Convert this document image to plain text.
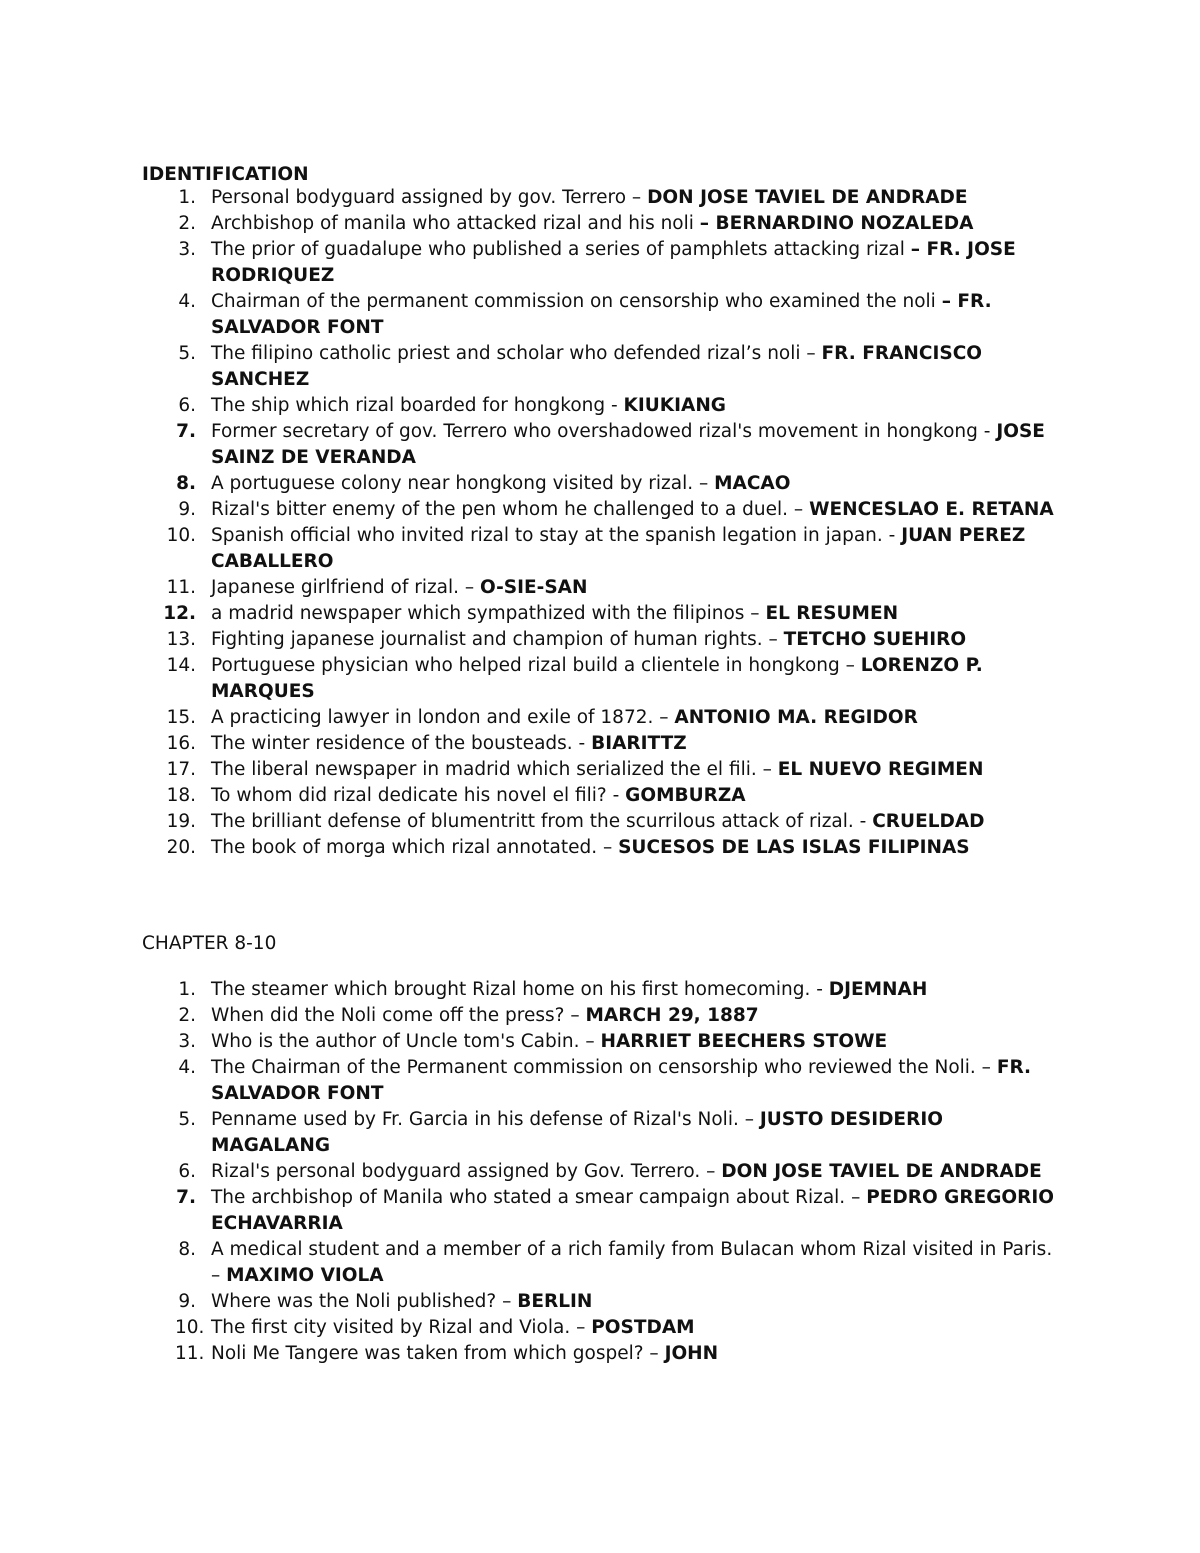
IDENTIFICATION
1. Personal bodyguard assigned by gov. Terrero – DON JOSE TAVIEL DE ANDRADE
2. Archbishop of manila who attacked rizal and his noli – BERNARDINO NOZALEDA
3. The prior of guadalupe who published a series of pamphlets attacking rizal – FR. JOSE RODRIQUEZ
4. Chairman of the permanent commission on censorship who examined the noli – FR. SALVADOR FONT
5. The filipino catholic priest and scholar who defended rizal’s noli – FR. FRANCISCO SANCHEZ
6. The ship which rizal boarded for hongkong - KIUKIANG
7. Former secretary of gov. Terrero who overshadowed rizal's movement in hongkong - JOSE SAINZ DE VERANDA
8. A portuguese colony near hongkong visited by rizal. – MACAO
9. Rizal's bitter enemy of the pen whom he challenged to a duel. – WENCESLAO E. RETANA
10. Spanish official who invited rizal to stay at the spanish legation in japan. - JUAN PEREZ CABALLERO
11. Japanese girlfriend of rizal. – O-SIE-SAN
12. a madrid newspaper which sympathized with the filipinos – EL RESUMEN
13. Fighting japanese journalist and champion of human rights. – TETCHO SUEHIRO
14. Portuguese physician who helped rizal build a clientele in hongkong – LORENZO P. MARQUES
15. A practicing lawyer in london and exile of 1872. – ANTONIO MA. REGIDOR
16. The winter residence of the bousteads. - BIARITTZ
17. The liberal newspaper in madrid which serialized the el fili. – EL NUEVO REGIMEN
18. To whom did rizal dedicate his novel el fili? - GOMBURZA
19. The brilliant defense of blumentritt from the scurrilous attack of rizal. - CRUELDAD
20. The book of morga which rizal annotated. – SUCESOS DE LAS ISLAS FILIPINAS
CHAPTER 8-10
1. The steamer which brought Rizal home on his first homecoming. - DJEMNAH
2. When did the Noli come off the press? – MARCH 29, 1887
3. Who is the author of Uncle tom's Cabin. – HARRIET BEECHERS STOWE
4. The Chairman of the Permanent commission on censorship who reviewed the Noli. – FR. SALVADOR FONT
5. Penname used by Fr. Garcia in his defense of Rizal's Noli. – JUSTO DESIDERIO MAGALANG
6. Rizal's personal bodyguard assigned by Gov. Terrero. – DON JOSE TAVIEL DE ANDRADE
7. The archbishop of Manila who stated a smear campaign about Rizal. – PEDRO GREGORIO ECHAVARRIA
8. A medical student and a member of a rich family from Bulacan whom Rizal visited in Paris. – MAXIMO VIOLA
9. Where was the Noli published? – BERLIN
10. The first city visited by Rizal and Viola. – POSTDAM
11. Noli Me Tangere was taken from which gospel? – JOHN
